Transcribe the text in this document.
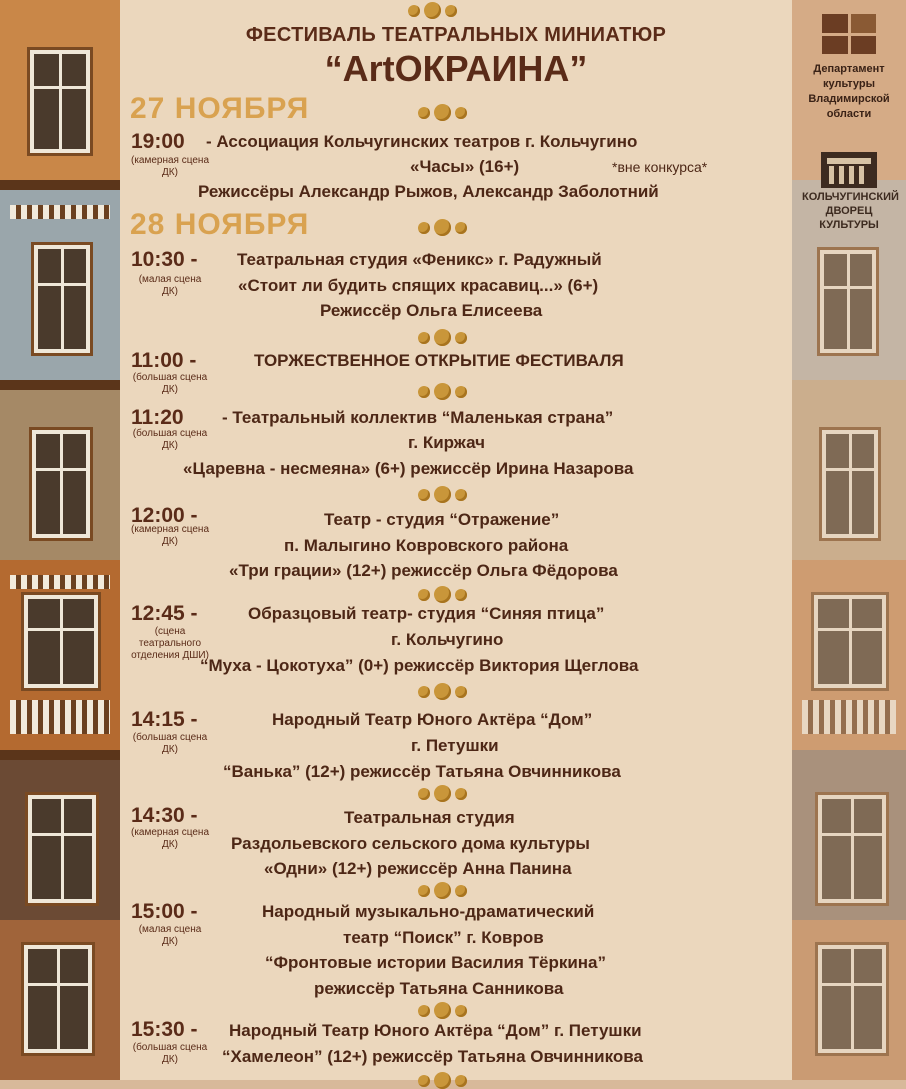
ФЕСТИВАЛЬ ТЕАТРАЛЬНЫХ МИНИАТЮР
“ArtОКРАИНА”	Департамент культуры Владимирской области
КОЛЬЧУГИНСКИЙ ДВОРЕЦ КУЛЬТУРЫ
27 НОЯБРЯ
19:00
(камерная сцена ДК)
- Ассоциация Кольчугинских театров г. Кольчугино
«Часы» (16+)	*вне конкурса*
Режиссёры Александр Рыжов, Александр Заболотний
28 НОЯБРЯ
10:30 -
(малая сцена ДК)
Театральная студия «Феникс» г. Радужный
«Стоит ли будить спящих красавиц...» (6+)
Режиссёр Ольга Елисеева
11:00 -
(большая сцена ДК)
ТОРЖЕСТВЕННОЕ ОТКРЫТИЕ ФЕСТИВАЛЯ
11:20
(большая сцена ДК)
- Театральный коллектив “Маленькая страна”
г. Киржач
«Царевна - несмеяна» (6+) режиссёр Ирина Назарова
12:00 -
(камерная сцена ДК)
Театр - студия “Отражение”
п. Малыгино Ковровского района
«Три грации» (12+) режиссёр Ольга Фёдорова
12:45 -
(сцена театрального отделения ДШИ)
Образцовый театр- студия “Синяя птица”
г. Кольчугино
“Муха - Цокотуха” (0+) режиссёр Виктория Щеглова
14:15 -
(большая сцена ДК)
Народный Театр Юного Актёра “Дом”
г. Петушки
“Ванька” (12+) режиссёр Татьяна Овчинникова
14:30 -
(камерная сцена ДК)
Театральная студия
Раздольевского сельского дома культуры
«Одни» (12+) режиссёр Анна Панина
15:00 -
(малая сцена ДК)
Народный музыкально-драматический
театр “Поиск” г. Ковров
“Фронтовые истории Василия Тёркина”
режиссёр Татьяна Санникова
15:30 -
(большая сцена ДК)
Народный Театр Юного Актёра “Дом” г. Петушки
“Хамелеон” (12+) режиссёр Татьяна Овчинникова
